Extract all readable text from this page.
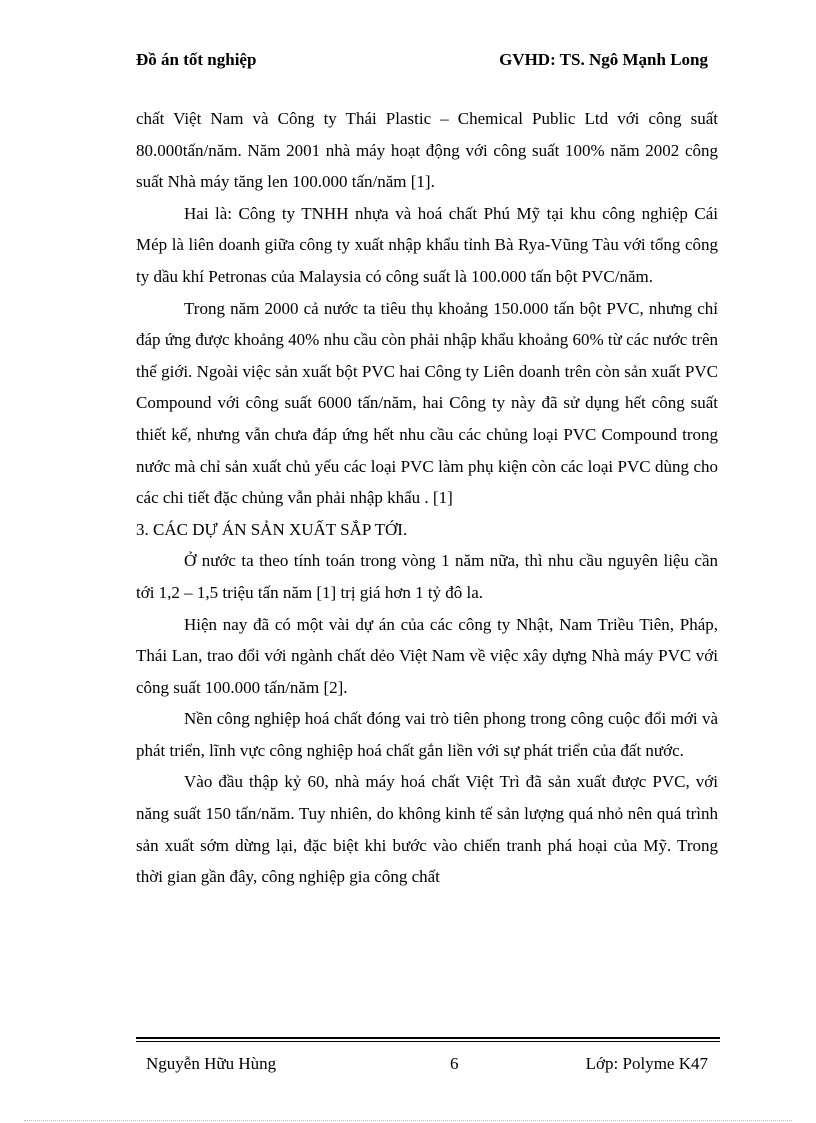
Đồ án tốt nghiệp	GVHD: TS. Ngô Mạnh Long

chất Việt Nam và Công ty Thái Plastic – Chemical Public Ltd với công suất 80.000tấn/năm. Năm 2001 nhà máy hoạt động với công suất 100% năm 2002 công suất Nhà máy tăng len 100.000 tấn/năm [1].

Hai là: Công ty TNHH nhựa và hoá chất Phú Mỹ tại khu công nghiệp Cái Mép là liên doanh giữa công ty xuất nhập khẩu tỉnh Bà Rya-Vũng Tàu với tổng công ty dầu khí Petronas của Malaysia có công suất là 100.000 tấn bột PVC/năm.

Trong năm 2000 cả nước ta tiêu thụ khoảng 150.000 tấn bột PVC, nhưng chỉ đáp ứng được khoảng 40% nhu cầu còn phải nhập khẩu khoảng 60% từ các nước trên thế giới. Ngoài việc sản xuất bột PVC hai Công ty Liên doanh trên còn sản xuất PVC Compound với công suất 6000 tấn/năm, hai Công ty này đã sử dụng hết công suất thiết kế, nhưng vẫn chưa đáp ứng hết nhu cầu các chủng loại PVC Compound trong nước mà chỉ sản xuất chủ yếu các loại PVC làm phụ kiện còn các loại PVC dùng cho các chi tiết đặc chủng vẫn phải nhập khẩu . [1]

3. CÁC DỰ ÁN SẢN XUẤT SẮP TỚI.

Ở nước ta theo tính toán trong vòng 1 năm nữa, thì nhu cầu nguyên liệu cần tới 1,2 – 1,5 triệu tấn năm [1] trị giá hơn 1 tỷ đô la.

Hiện nay đã có một vài dự án của các công ty Nhật, Nam Triều Tiên, Pháp, Thái Lan, trao đổi với ngành chất dẻo Việt Nam về việc xây dựng Nhà máy PVC với công suất 100.000 tấn/năm [2].

Nền công nghiệp hoá chất đóng vai trò tiên phong trong công cuộc đổi mới và phát triển, lĩnh vực công nghiệp hoá chất gắn liền với sự phát triển của đất nước.

Vào đầu thập kỷ 60, nhà máy hoá chất Việt Trì đã sản xuất được PVC, với năng suất 150 tấn/năm. Tuy nhiên, do không kinh tế sản lượng quá nhỏ nên quá trình sản xuất sớm dừng lại, đặc biệt khi bước vào chiến tranh phá hoại của Mỹ. Trong thời gian gần đây, công nghiệp gia công chất

Nguyễn Hữu Hùng	6	Lớp: Polyme K47
